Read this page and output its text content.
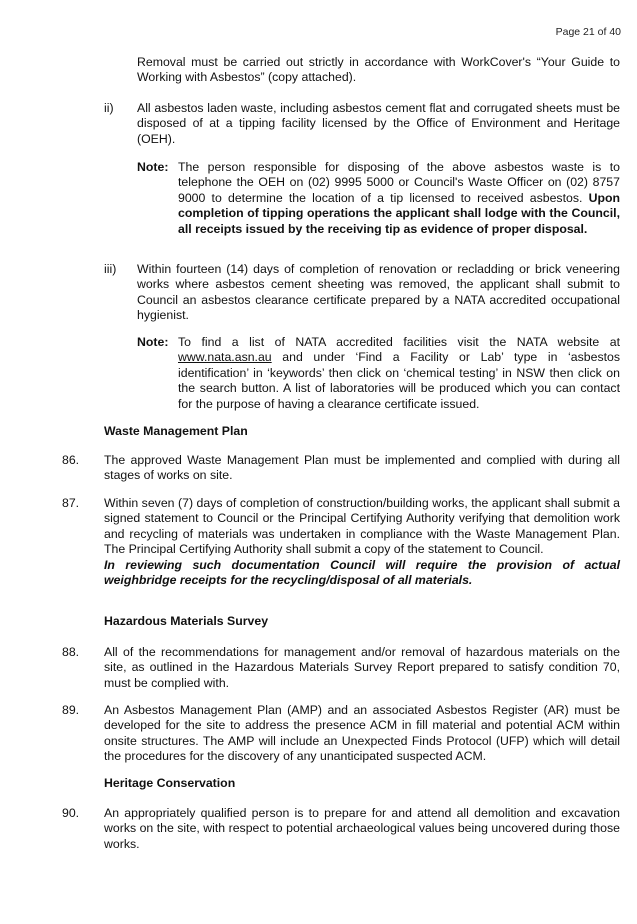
Page 21 of 40
Removal must be carried out strictly in accordance with WorkCover's “Your Guide to Working with Asbestos” (copy attached).
ii) All asbestos laden waste, including asbestos cement flat and corrugated sheets must be disposed of at a tipping facility licensed by the Office of Environment and Heritage (OEH).
Note: The person responsible for disposing of the above asbestos waste is to telephone the OEH on (02) 9995 5000 or Council's Waste Officer on (02) 8757 9000 to determine the location of a tip licensed to received asbestos. Upon completion of tipping operations the applicant shall lodge with the Council, all receipts issued by the receiving tip as evidence of proper disposal.
iii) Within fourteen (14) days of completion of renovation or recladding or brick veneering works where asbestos cement sheeting was removed, the applicant shall submit to Council an asbestos clearance certificate prepared by a NATA accredited occupational hygienist.
Note: To find a list of NATA accredited facilities visit the NATA website at www.nata.asn.au and under ‘Find a Facility or Lab’ type in ‘asbestos identification’ in ‘keywords’ then click on ‘chemical testing’ in NSW then click on the search button. A list of laboratories will be produced which you can contact for the purpose of having a clearance certificate issued.
Waste Management Plan
86. The approved Waste Management Plan must be implemented and complied with during all stages of works on site.
87. Within seven (7) days of completion of construction/building works, the applicant shall submit a signed statement to Council or the Principal Certifying Authority verifying that demolition work and recycling of materials was undertaken in compliance with the Waste Management Plan. The Principal Certifying Authority shall submit a copy of the statement to Council.
In reviewing such documentation Council will require the provision of actual weighbridge receipts for the recycling/disposal of all materials.
Hazardous Materials Survey
88. All of the recommendations for management and/or removal of hazardous materials on the site, as outlined in the Hazardous Materials Survey Report prepared to satisfy condition 70, must be complied with.
89. An Asbestos Management Plan (AMP) and an associated Asbestos Register (AR) must be developed for the site to address the presence ACM in fill material and potential ACM within onsite structures. The AMP will include an Unexpected Finds Protocol (UFP) which will detail the procedures for the discovery of any unanticipated suspected ACM.
Heritage Conservation
90. An appropriately qualified person is to prepare for and attend all demolition and excavation works on the site, with respect to potential archaeological values being uncovered during those works.
